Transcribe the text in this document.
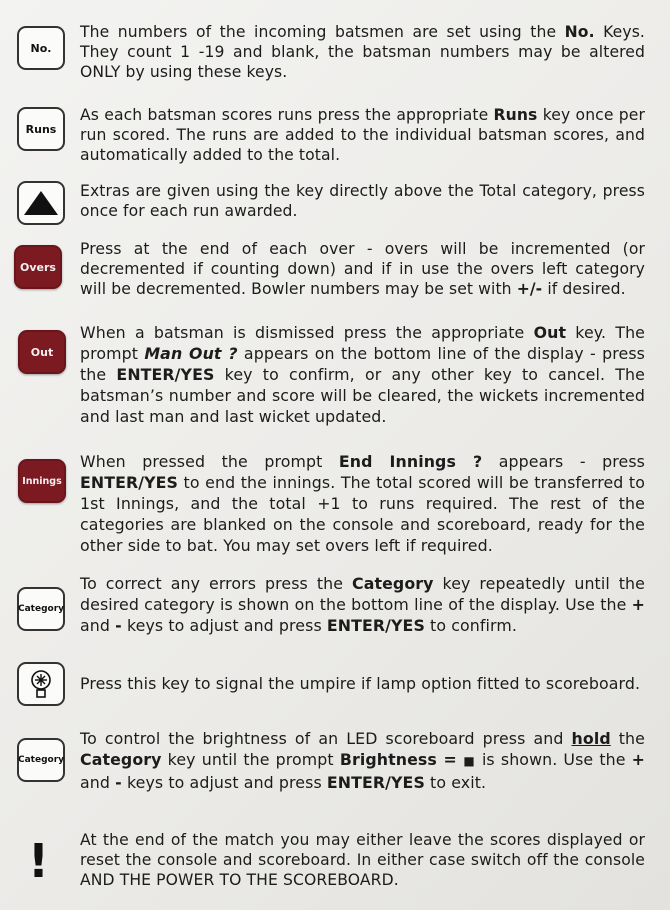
No.
The numbers of the incoming batsmen are set using the No. Keys. They count 1 -19 and blank, the batsman numbers may be altered ONLY by using these keys.
Runs
As each batsman scores runs press the appropriate Runs key once per run scored. The runs are added to the individual batsman scores, and automatically added to the total.
Extras are given using the key directly above the Total category, press once for each run awarded.
Overs
Press at the end of each over - overs will be incremented (or decremented if counting down) and if in use the overs left category will be decremented. Bowler numbers may be set with +/- if desired.
Out
When a batsman is dismissed press the appropriate Out key. The prompt Man Out ? appears on the bottom line of the display - press the ENTER/YES key to confirm, or any other key to cancel. The batsman’s number and score will be cleared, the wickets incremented and last man and last wicket updated.
Innings
When pressed the prompt End Innings ? appears - press ENTER/YES to end the innings. The total scored will be transferred to 1st Innings, and the total +1 to runs required. The rest of the categories are blanked on the console and scoreboard, ready for the other side to bat. You may set overs left if required.
Category
To correct any errors press the Category key repeatedly until the desired category is shown on the bottom line of the display. Use the + and - keys to adjust and press ENTER/YES to confirm.
Press this key to signal the umpire if lamp option fitted to scoreboard.
Category
To control the brightness of an LED scoreboard press and hold the Category key until the prompt Brightness = ■ is shown. Use the + and - keys to adjust and press ENTER/YES to exit.
! At the end of the match you may either leave the scores displayed or reset the console and scoreboard. In either case switch off the console AND THE POWER TO THE SCOREBOARD.
